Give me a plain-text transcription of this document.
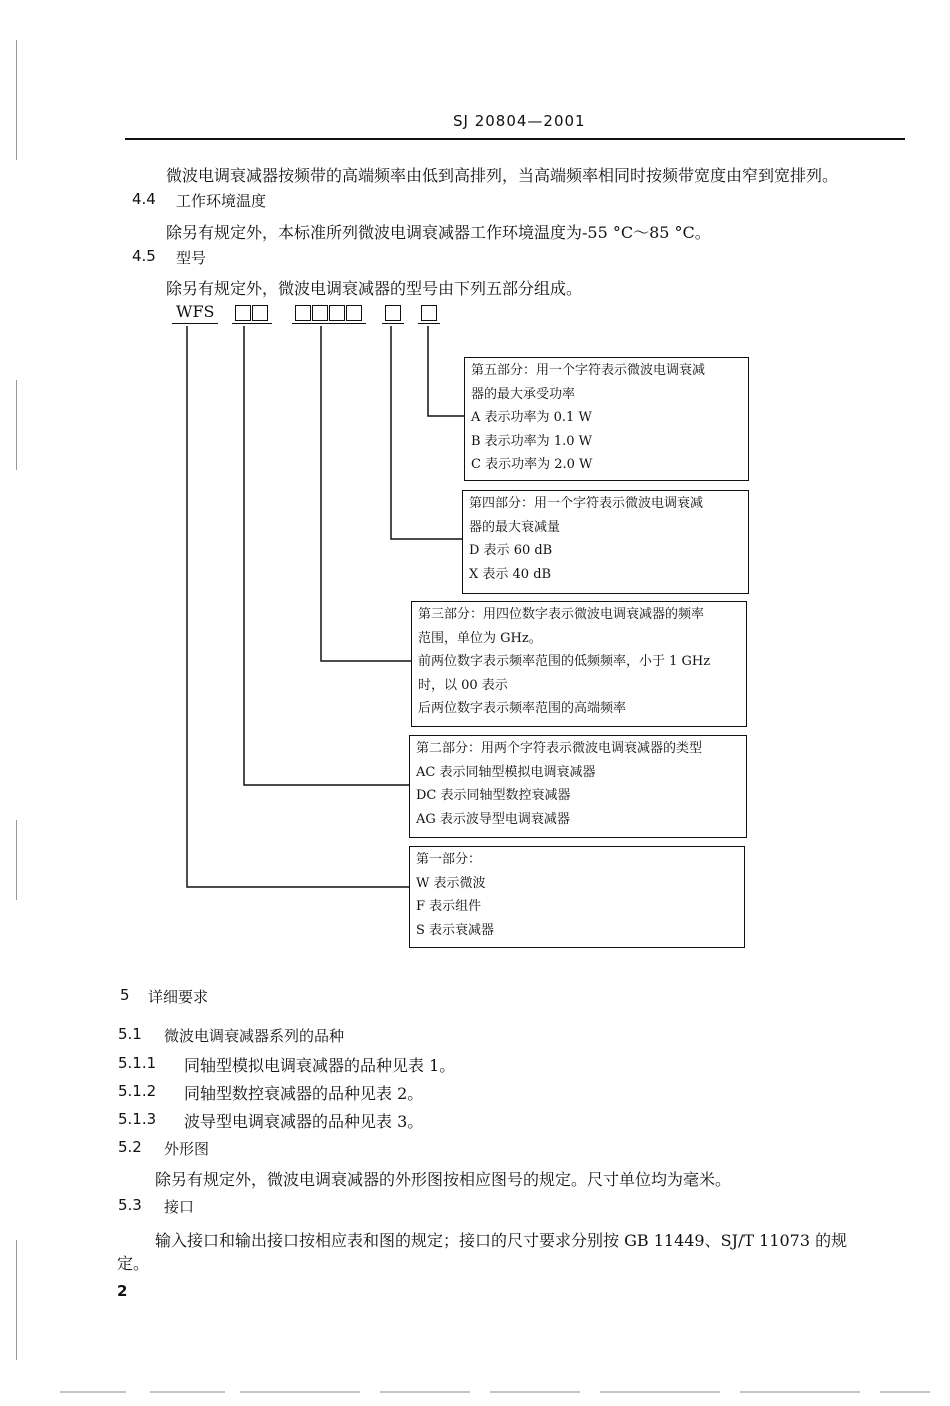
SJ 20804—2001
微波电调衰减器按频带的高端频率由低到高排列，当高端频率相同时按频带宽度由窄到宽排列。
4.4 工作环境温度
除另有规定外，本标准所列微波电调衰减器工作环境温度为-55 °C～85 °C。
4.5 型号
除另有规定外，微波电调衰减器的型号由下列五部分组成。
WFS
第五部分：用一个字符表示微波电调衰减
器的最大承受功率
A 表示功率为 0.1 W
B 表示功率为 1.0 W
C 表示功率为 2.0 W
第四部分：用一个字符表示微波电调衰减
器的最大衰减量
D 表示 60 dB
X 表示 40 dB
第三部分：用四位数字表示微波电调衰减器的频率
范围，单位为 GHz。
前两位数字表示频率范围的低频频率，小于 1 GHz
时，以 00 表示
后两位数字表示频率范围的高端频率
第二部分：用两个字符表示微波电调衰减器的类型
AC 表示同轴型模拟电调衰减器
DC 表示同轴型数控衰减器
AG 表示波导型电调衰减器
第一部分：
W 表示微波
F 表示组件
S 表示衰减器
5 详细要求
5.1 微波电调衰减器系列的品种
5.1.1 同轴型模拟电调衰减器的品种见表 1。
5.1.2 同轴型数控衰减器的品种见表 2。
5.1.3 波导型电调衰减器的品种见表 3。
5.2 外形图
除另有规定外，微波电调衰减器的外形图按相应图号的规定。尺寸单位均为毫米。
5.3 接口
输入接口和输出接口按相应表和图的规定；接口的尺寸要求分别按 GB 11449、SJ/T 11073 的规
定。
2
